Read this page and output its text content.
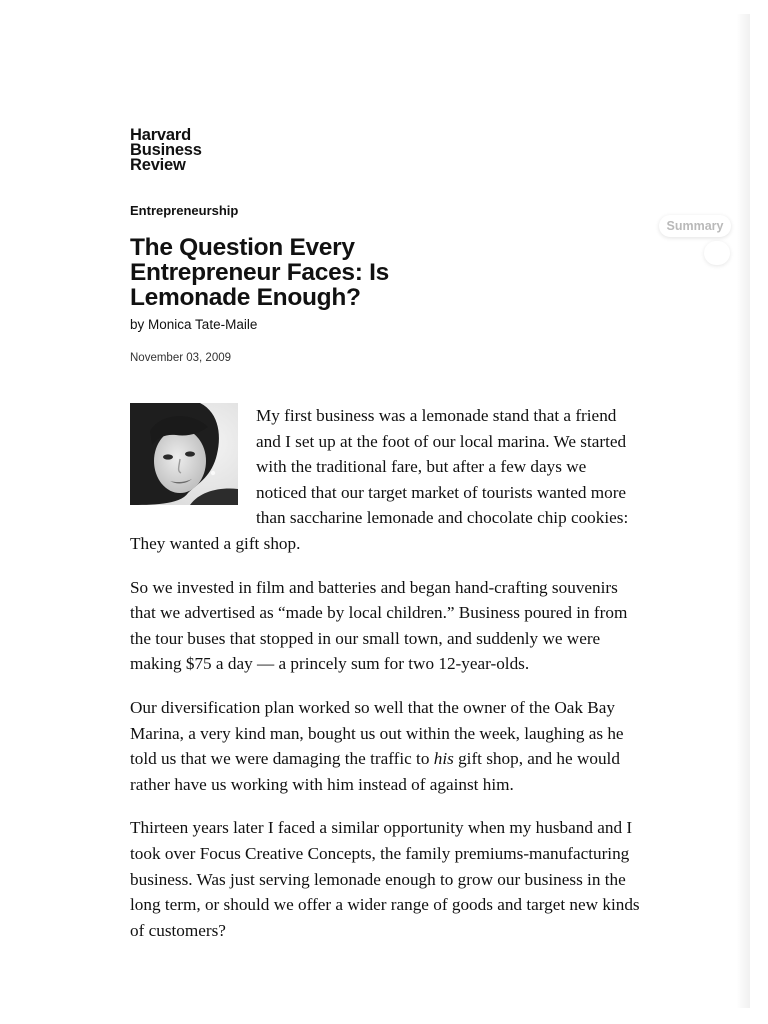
Summary
Harvard
Business
Review
Entrepreneurship
The Question Every Entrepreneur Faces: Is Lemonade Enough?
by Monica Tate-Maile
November 03, 2009

My first business was a lemonade stand that a friend and I set up at the foot of our local marina. We started with the traditional fare, but after a few days we noticed that our target market of tourists wanted more than saccharine lemonade and chocolate chip cookies: They wanted a gift shop.

So we invested in film and batteries and began hand-crafting souvenirs that we advertised as “made by local children.” Business poured in from the tour buses that stopped in our small town, and suddenly we were making $75 a day — a princely sum for two 12-year-olds.

Our diversification plan worked so well that the owner of the Oak Bay Marina, a very kind man, bought us out within the week, laughing as he told us that we were damaging the traffic to his gift shop, and he would rather have us working with him instead of against him.

Thirteen years later I faced a similar opportunity when my husband and I took over Focus Creative Concepts, the family premiums-manufacturing business. Was just serving lemonade enough to grow our business in the long term, or should we offer a wider range of goods and target new kinds of customers?
